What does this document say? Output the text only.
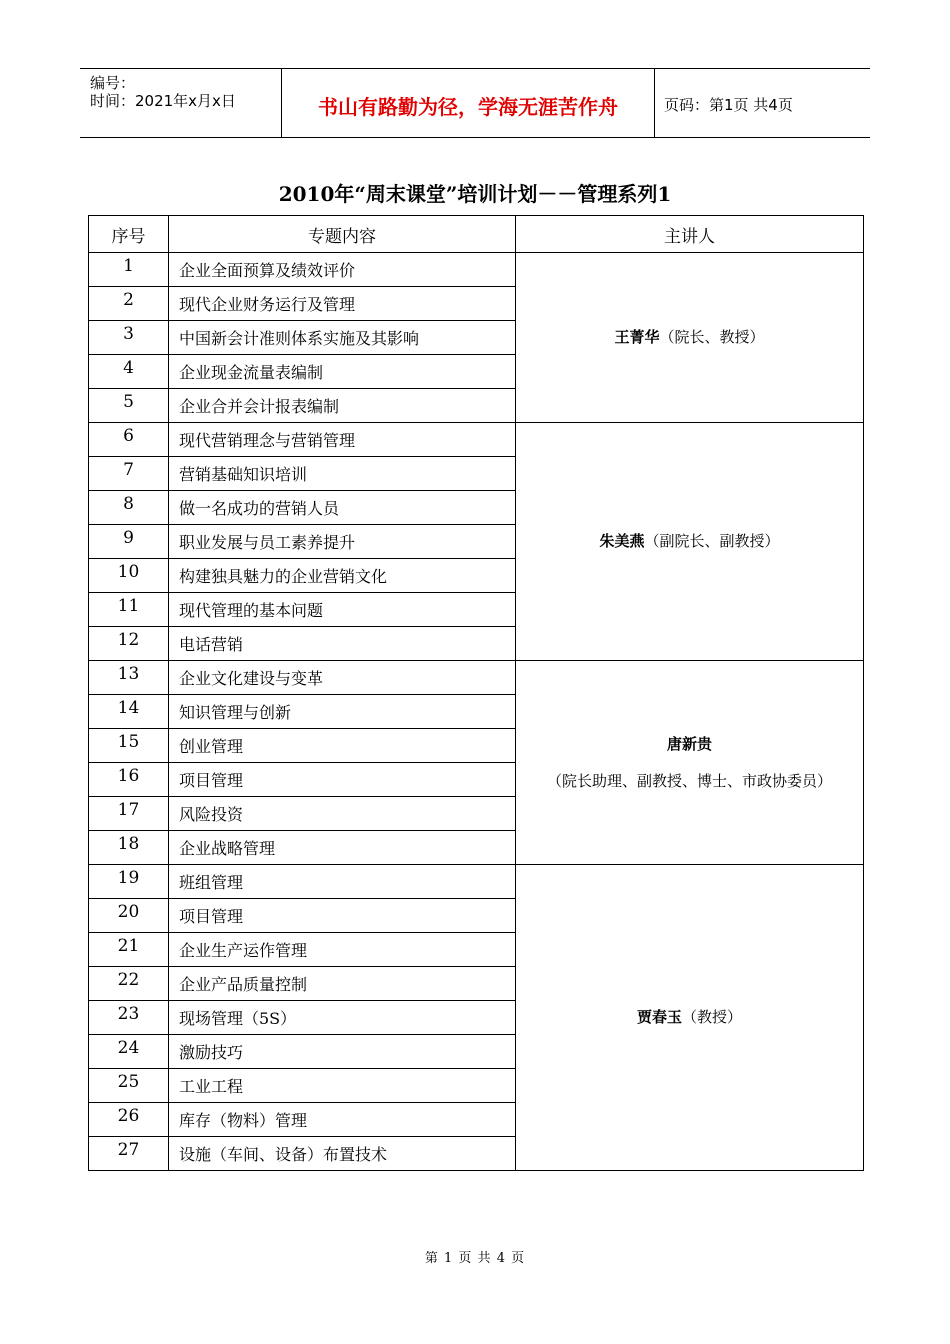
编号：
时间：2021年x月x日	书山有路勤为径，学海无涯苦作舟	页码：第1页 共4页
2010年“周末课堂”培训计划－－管理系列1
序号	专题内容	主讲人
1	企业全面预算及绩效评价	王菁华（院长、教授）
2	现代企业财务运行及管理	
3	中国新会计准则体系实施及其影响	
4	企业现金流量表编制	
5	企业合并会计报表编制	
6	现代营销理念与营销管理	朱美燕（副院长、副教授）
7	营销基础知识培训	
8	做一名成功的营销人员	
9	职业发展与员工素养提升	
10	构建独具魅力的企业营销文化	
11	现代管理的基本问题	
12	电话营销	
13	企业文化建设与变革	唐新贵（院长助理、副教授、博士、市政协委员）
14	知识管理与创新	
15	创业管理	
16	项目管理	
17	风险投资	
18	企业战略管理	
19	班组管理	贾春玉（教授）
20	项目管理	
21	企业生产运作管理	
22	企业产品质量控制	
23	现场管理（5S）	
24	激励技巧	
25	工业工程	
26	库存（物料）管理	
27	设施（车间、设备）布置技术	
第 1 页 共 4 页
